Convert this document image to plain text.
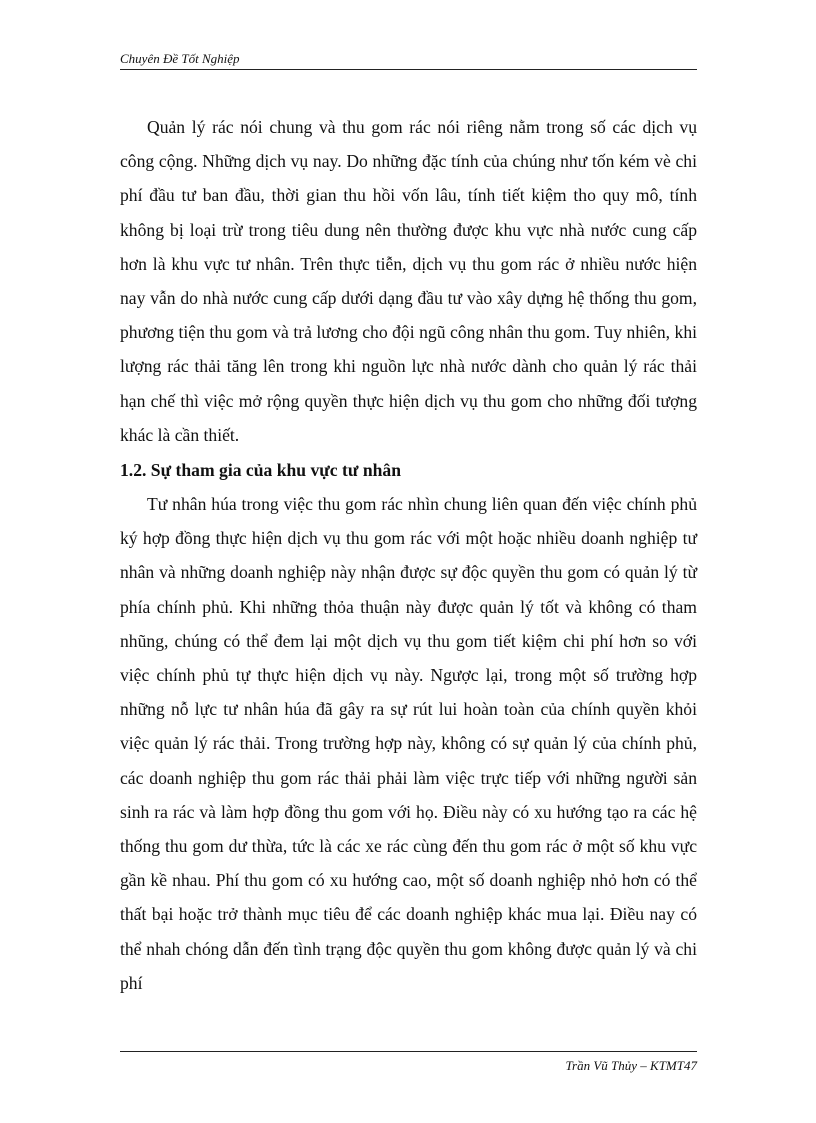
Chuyên Đề Tốt Nghiệp

Quản lý rác nói chung và thu gom rác nói riêng nằm trong số các dịch vụ công cộng. Những dịch vụ nay. Do những đặc tính của chúng như tốn kém vè chi phí đầu tư ban đầu, thời gian thu hồi vốn lâu, tính tiết kiệm tho quy mô, tính không bị loại trừ trong tiêu dung nên thường được khu vực nhà nước cung cấp hơn là khu vực tư nhân. Trên thực tiễn, dịch vụ thu gom rác ở nhiều nước hiện nay vẫn do nhà nước cung cấp dưới dạng đầu tư vào xây dựng hệ thống thu gom, phương tiện thu gom và trả lương cho đội ngũ công nhân thu gom. Tuy nhiên, khi lượng rác thải tăng lên trong khi nguồn lực nhà nước dành cho quản lý rác thải hạn chế thì việc mở rộng quyền thực hiện dịch vụ thu gom cho những đối tượng khác là cần thiết.

1.2. Sự tham gia của khu vực tư nhân

Tư nhân húa trong việc thu gom rác nhìn chung liên quan đến việc chính phủ ký hợp đồng thực hiện dịch vụ thu gom rác với một hoặc nhiều doanh nghiệp tư nhân và những doanh nghiệp này nhận được sự độc quyền thu gom có quản lý từ phía chính phủ. Khi những thỏa thuận này được quản lý tốt và không có tham nhũng, chúng có thể đem lại một dịch vụ thu gom tiết kiệm chi phí hơn so với việc chính phủ tự thực hiện dịch vụ này. Ngược lại, trong một số trường hợp những nỗ lực tư nhân húa đã gây ra sự rút lui hoàn toàn của chính quyền khỏi việc quản lý rác thải. Trong trường hợp này, không có sự quản lý của chính phủ, các doanh nghiệp thu gom rác thải phải làm việc trực tiếp với những người sản sinh ra rác và làm hợp đồng thu gom với họ. Điều này có xu hướng tạo ra các hệ thống thu gom dư thừa, tức là các xe rác cùng đến thu gom rác ở một số khu vực gần kề nhau. Phí thu gom có xu hướng cao, một số doanh nghiệp nhỏ hơn có thể thất bại hoặc trở thành mục tiêu để các doanh nghiệp khác mua lại. Điều nay có thể nhah chóng dẫn đến tình trạng độc quyền thu gom không được quản lý và chi phí

Trần Vũ Thủy – KTMT47
